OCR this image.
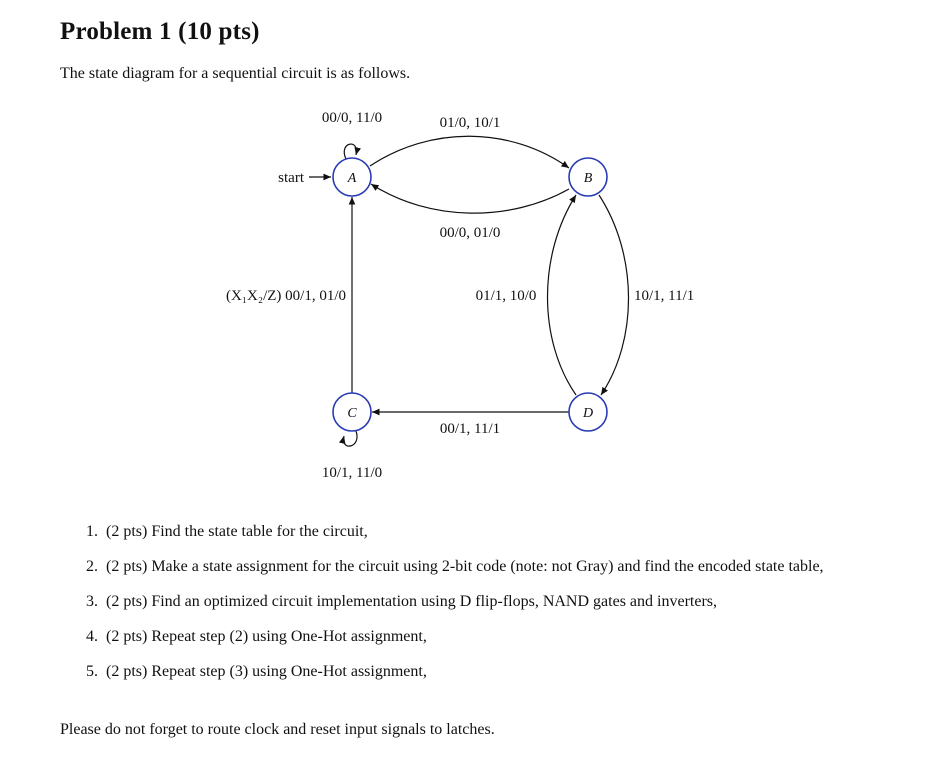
Problem 1 (10 pts)
The state diagram for a sequential circuit is as follows.
start
00/0, 11/0	01/0, 10/1
00/0, 01/0
(X₁X₂/Z) 00/1, 01/0	01/1, 10/0	10/1, 11/1
00/1, 11/1
10/1, 11/0
A	B
C	D
1. (2 pts) Find the state table for the circuit,
2. (2 pts) Make a state assignment for the circuit using 2-bit code (note: not Gray) and find the encoded state table,
3. (2 pts) Find an optimized circuit implementation using D flip-flops, NAND gates and inverters,
4. (2 pts) Repeat step (2) using One-Hot assignment,
5. (2 pts) Repeat step (3) using One-Hot assignment,
Please do not forget to route clock and reset input signals to latches.
